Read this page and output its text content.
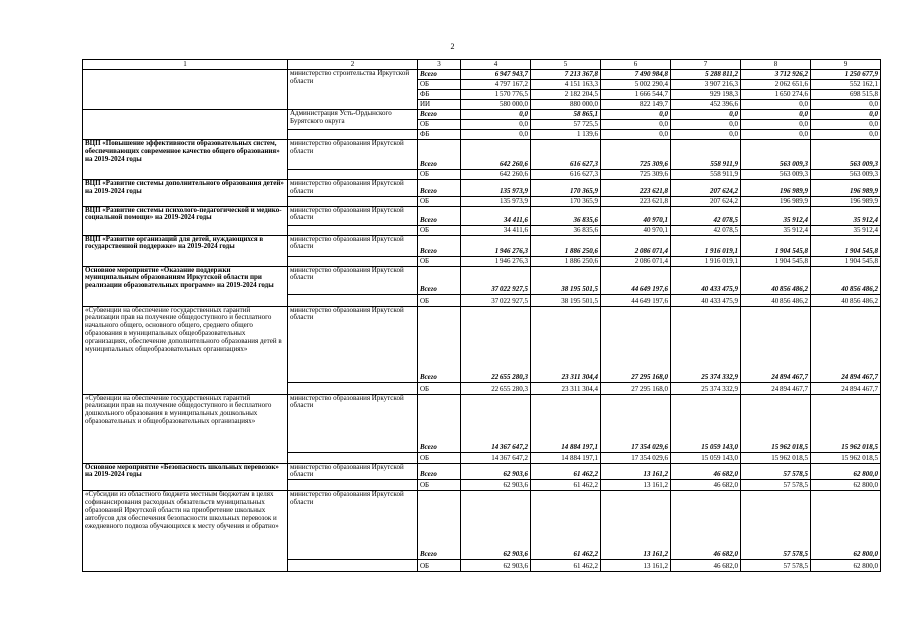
2
1	2	3	4	5	6	7	8	9
	министерство строительства Иркутской области	Всего	6 947 943,7	7 213 367,8	7 490 984,8	5 288 811,2	3 712 926,2	1 250 677,9
		ОБ	4 797 167,2	4 151 163,3	5 002 290,4	3 907 216,3	2 062 651,6	552 162,1
		ФБ	1 570 776,5	2 182 204,5	1 666 544,7	929 198,3	1 650 274,6	698 515,8
		ИИ	580 000,0	880 000,0	822 149,7	452 396,6	0,0	0,0
	Администрация Усть-Ордынского Бурятского округа	Всего	0,0	58 865,1	0,0	0,0	0,0	0,0
		ОБ	0,0	57 725,5	0,0	0,0	0,0	0,0
		ФБ	0,0	1 139,6	0,0	0,0	0,0	0,0
ВЦП «Повышение эффективности образовательных систем, обеспечивающих современное качество общего образования» на 2019-2024 годы	министерство образования Иркутской области	Всего	642 260,6	616 627,3	725 309,6	558 911,9	563 009,3	563 009,3
		ОБ	642 260,6	616 627,3	725 309,6	558 911,9	563 009,3	563 009,3
ВЦП «Развитие системы дополнительного образования детей» на 2019-2024 годы	министерство образования Иркутской области	Всего	135 973,9	170 365,9	223 621,8	207 624,2	196 989,9	196 989,9
		ОБ	135 973,9	170 365,9	223 621,8	207 624,2	196 989,9	196 989,9
ВЦП «Развитие системы психолого-педагогической и медико-социальной помощи» на 2019-2024 годы	министерство образования Иркутской области	Всего	34 411,6	36 835,6	40 970,1	42 078,5	35 912,4	35 912,4
		ОБ	34 411,6	36 835,6	40 970,1	42 078,5	35 912,4	35 912,4
ВЦП «Развитие организаций для детей, нуждающихся в государственной поддержке» на 2019-2024 годы	министерство образования Иркутской области	Всего	1 946 276,3	1 886 250,6	2 086 071,4	1 916 019,1	1 904 545,8	1 904 545,8
		ОБ	1 946 276,3	1 886 250,6	2 086 071,4	1 916 019,1	1 904 545,8	1 904 545,8
Основное мероприятие «Оказание поддержки муниципальным образованиям Иркутской области при реализации образовательных программ» на 2019-2024 годы	министерство образования Иркутской области	Всего	37 022 927,5	38 195 501,5	44 649 197,6	40 433 475,9	40 856 486,2	40 856 486,2
		ОБ	37 022 927,5	38 195 501,5	44 649 197,6	40 433 475,9	40 856 486,2	40 856 486,2
«Субвенции на обеспечение государственных гарантий реализации прав на получение общедоступного и бесплатного начального общего, основного общего, среднего общего образования в муниципальных общеобразовательных организациях, обеспечение дополнительного образования детей в муниципальных общеобразовательных организациях»	министерство образования Иркутской области	Всего	22 655 280,3	23 311 304,4	27 295 168,0	25 374 332,9	24 894 467,7	24 894 467,7
		ОБ	22 655 280,3	23 311 304,4	27 295 168,0	25 374 332,9	24 894 467,7	24 894 467,7
«Субвенции на обеспечение государственных гарантий реализации прав на получение общедоступного и бесплатного дошкольного образования в муниципальных дошкольных образовательных и общеобразовательных организациях»	министерство образования Иркутской области	Всего	14 367 647,2	14 884 197,1	17 354 029,6	15 059 143,0	15 962 018,5	15 962 018,5
		ОБ	14 367 647,2	14 884 197,1	17 354 029,6	15 059 143,0	15 962 018,5	15 962 018,5
Основное мероприятие «Безопасность школьных перевозок» на 2019-2024 годы	министерство образования Иркутской области	Всего	62 903,6	61 462,2	13 161,2	46 682,0	57 578,5	62 800,0
		ОБ	62 903,6	61 462,2	13 161,2	46 682,0	57 578,5	62 800,0
«Субсидии из областного бюджета местным бюджетам в целях софинансирования расходных обязательств муниципальных образований Иркутской области на приобретение школьных автобусов для обеспечения безопасности школьных перевозок и ежедневного подвоза обучающихся к месту обучения и обратно»	министерство образования Иркутской области	Всего	62 903,6	61 462,2	13 161,2	46 682,0	57 578,5	62 800,0
		ОБ	62 903,6	61 462,2	13 161,2	46 682,0	57 578,5	62 800,0
